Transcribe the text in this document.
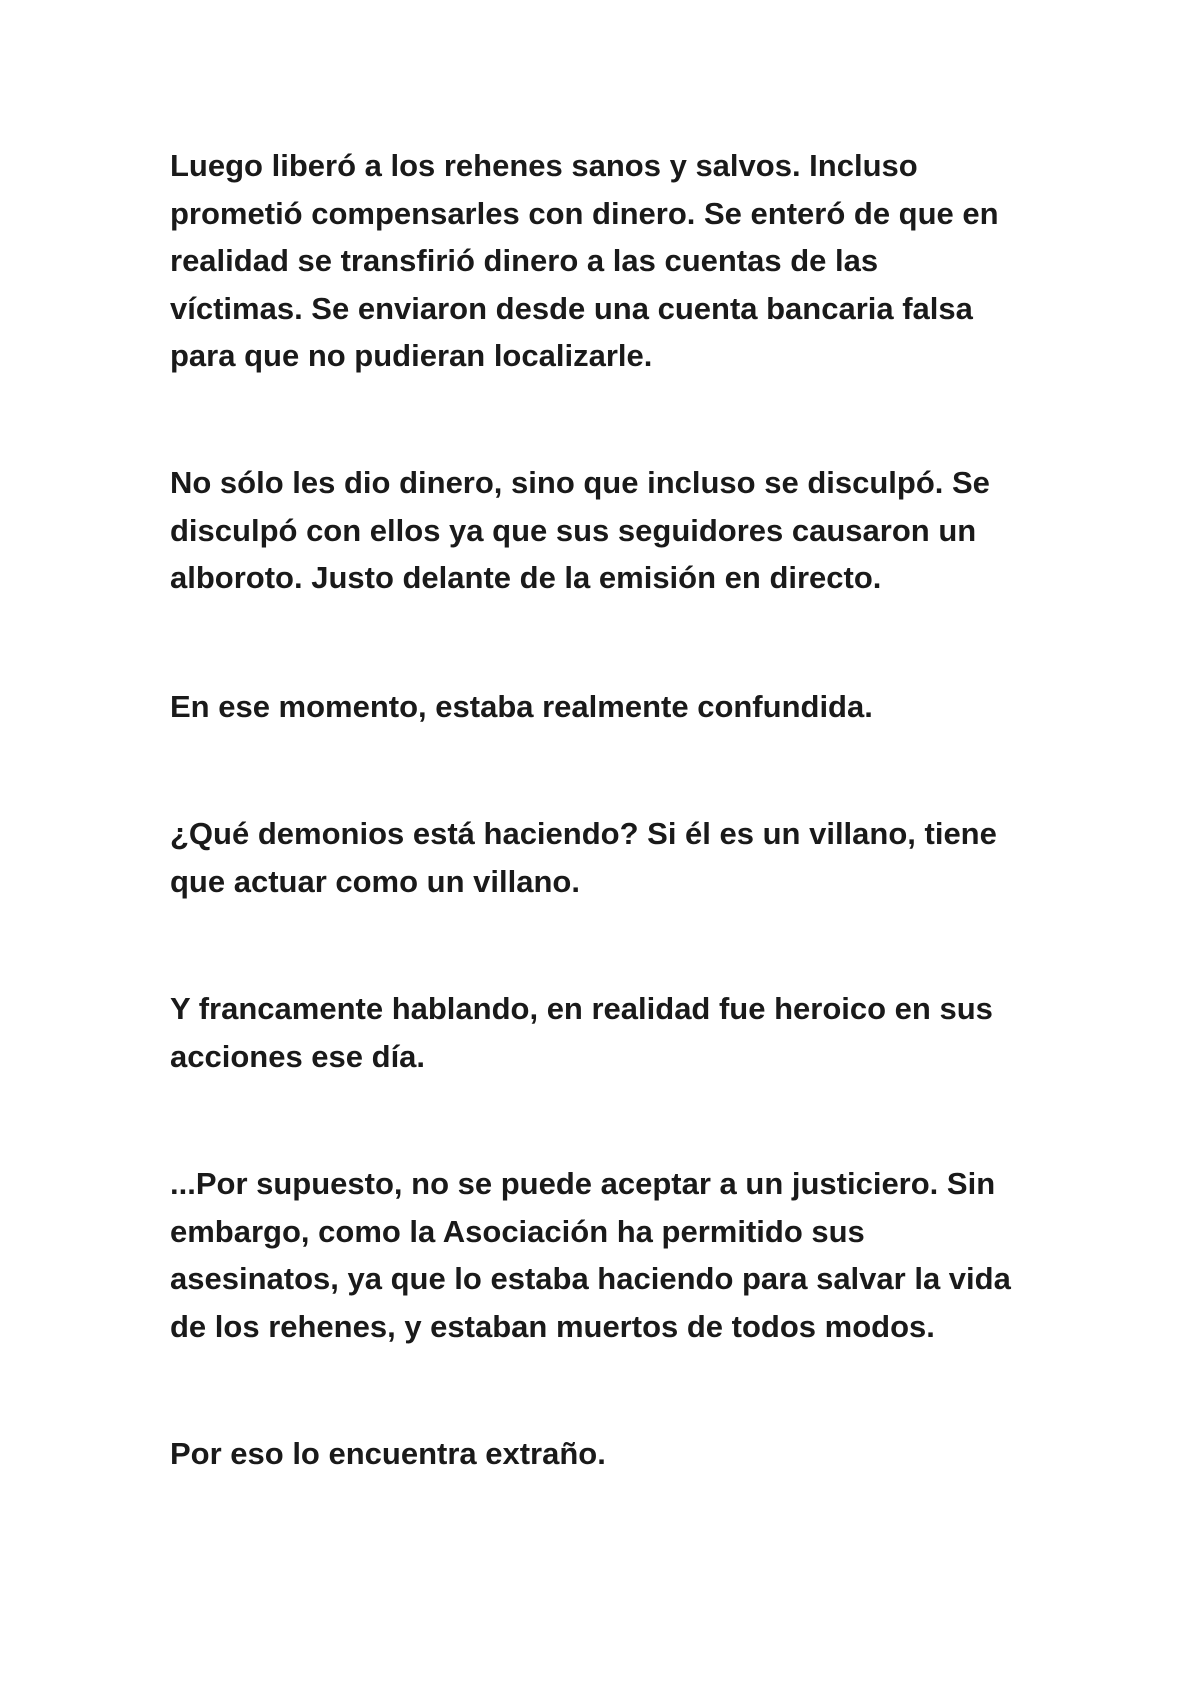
Luego liberó a los rehenes sanos y salvos. Incluso
prometió compensarles con dinero. Se enteró de que en
realidad se transfirió dinero a las cuentas de las
víctimas. Se enviaron desde una cuenta bancaria falsa
para que no pudieran localizarle.

No sólo les dio dinero, sino que incluso se disculpó. Se
disculpó con ellos ya que sus seguidores causaron un
alboroto. Justo delante de la emisión en directo.

En ese momento, estaba realmente confundida.

¿Qué demonios está haciendo? Si él es un villano, tiene
que actuar como un villano.

Y francamente hablando, en realidad fue heroico en sus
acciones ese día.

...Por supuesto, no se puede aceptar a un justiciero. Sin
embargo, como la Asociación ha permitido sus
asesinatos, ya que lo estaba haciendo para salvar la vida
de los rehenes, y estaban muertos de todos modos.

Por eso lo encuentra extraño.
